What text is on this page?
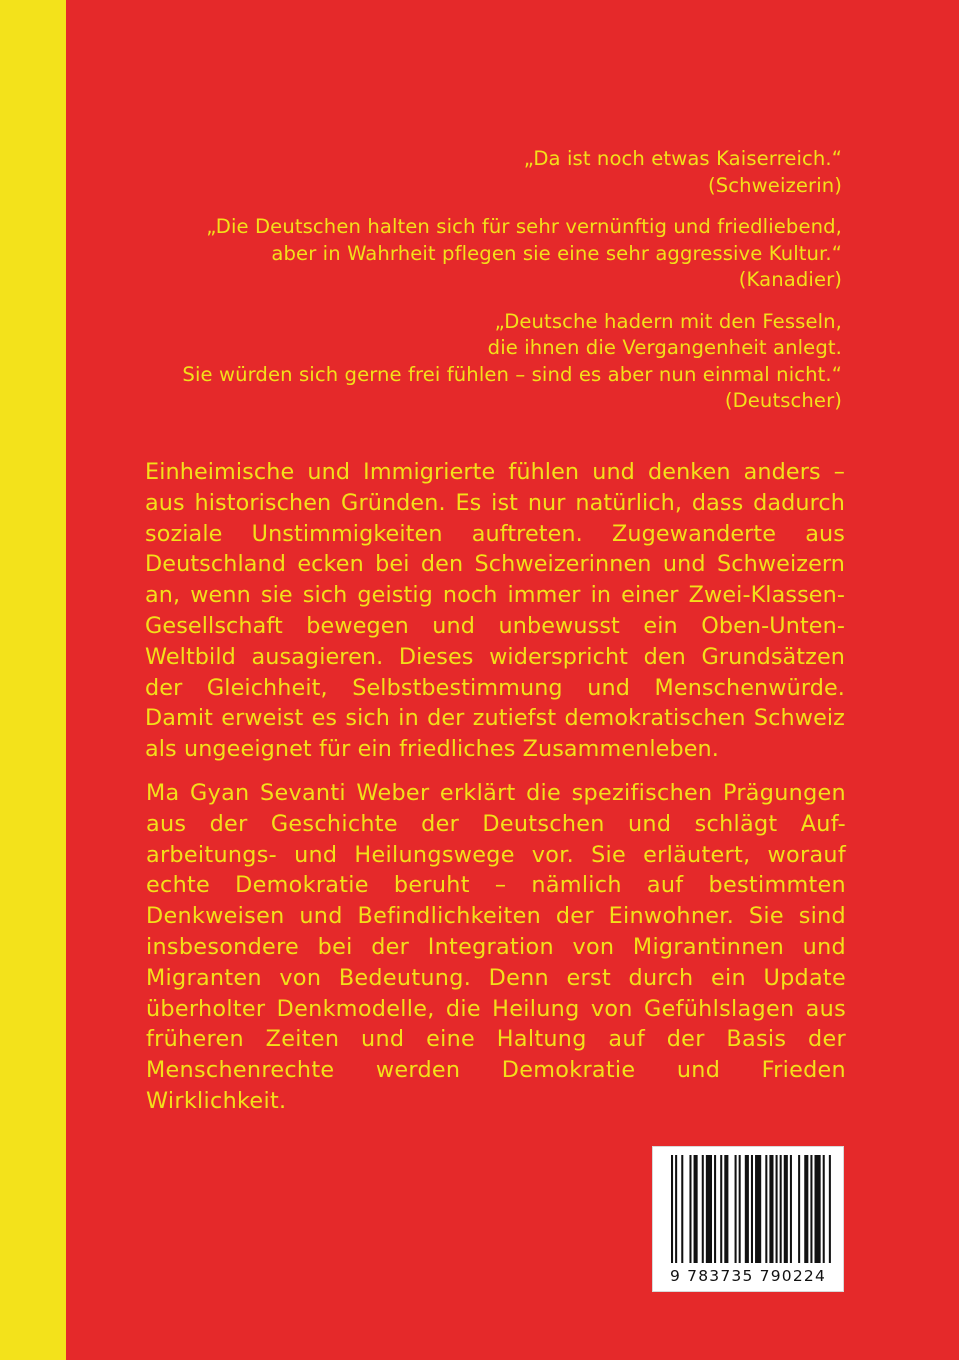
„Da ist noch etwas Kaiserreich.“
(Schweizerin)
„Die Deutschen halten sich für sehr vernünftig und friedliebend,
aber in Wahrheit pflegen sie eine sehr aggressive Kultur.“
(Kanadier)
„Deutsche hadern mit den Fesseln,
die ihnen die Vergangenheit anlegt.
Sie würden sich gerne frei fühlen – sind es aber nun einmal nicht.“
(Deutscher)
Einheimische und Immigrierte fühlen und denken anders –
aus historischen Gründen. Es ist nur natürlich, dass dadurch
soziale Unstimmigkeiten auftreten. Zugewanderte aus
Deutschland ecken bei den Schweizerinnen und Schweizern
an, wenn sie sich geistig noch immer in einer Zwei-Klassen-
Gesellschaft bewegen und unbewusst ein Oben-Unten-
Weltbild ausagieren. Dieses widerspricht den Grundsätzen
der Gleichheit, Selbstbestimmung und Menschenwürde.
Damit erweist es sich in der zutiefst demokratischen Schweiz
als ungeeignet für ein friedliches Zusammenleben.
Ma Gyan Sevanti Weber erklärt die spezifischen Prägungen
aus der Geschichte der Deutschen und schlägt Auf-
arbeitungs- und Heilungswege vor. Sie erläutert, worauf
echte Demokratie beruht – nämlich auf bestimmten
Denkweisen und Befindlichkeiten der Einwohner. Sie sind
insbesondere bei der Integration von Migrantinnen und
Migranten von Bedeutung. Denn erst durch ein Update
überholter Denkmodelle, die Heilung von Gefühlslagen aus
früheren Zeiten und eine Haltung auf der Basis der
Menschenrechte werden Demokratie und Frieden
Wirklichkeit.
9 783735 790224
